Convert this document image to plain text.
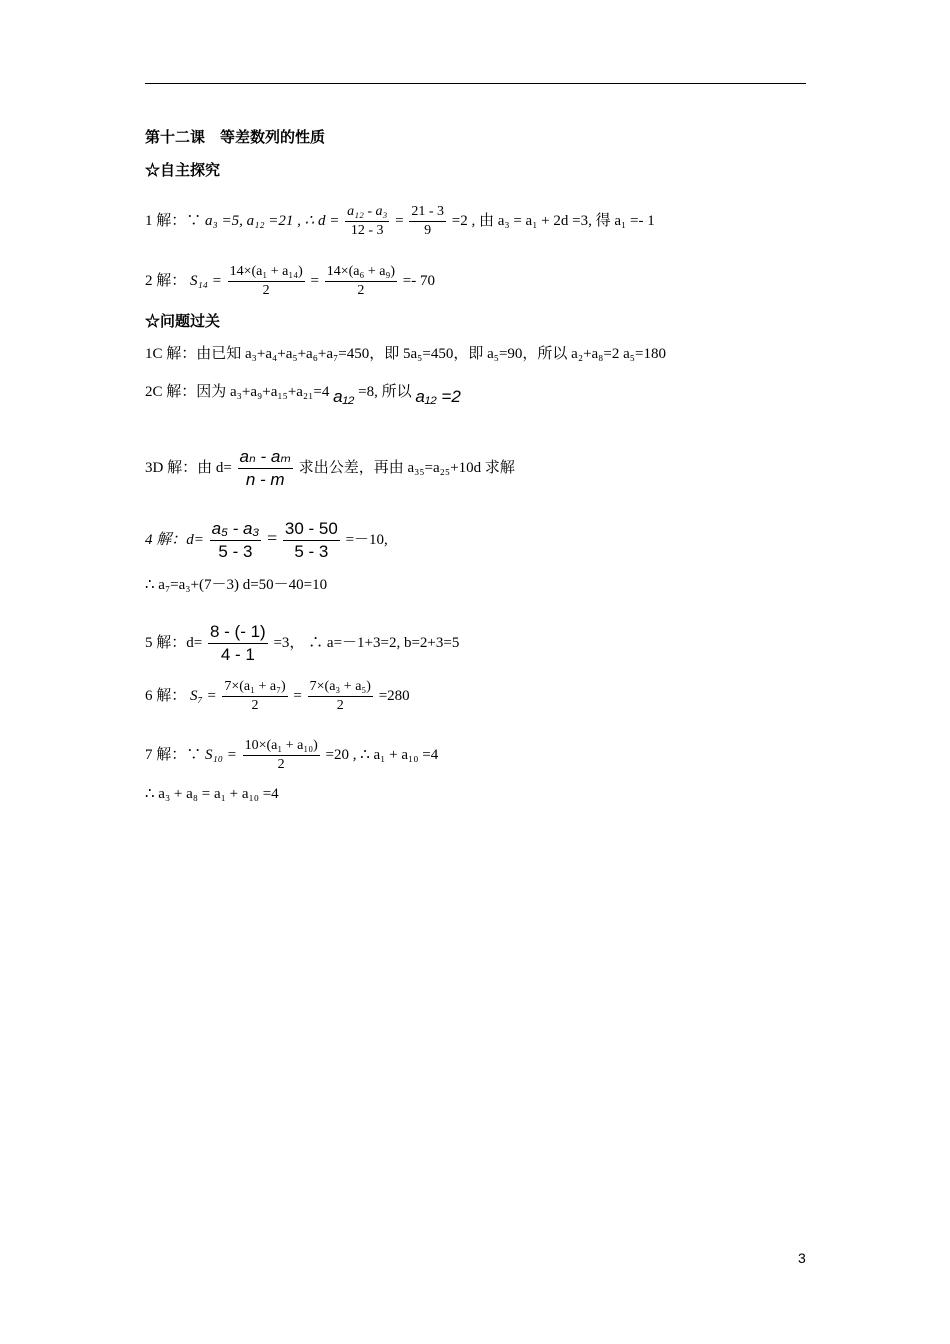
第十二课　等差数列的性质
☆自主探究
1 解：∵ a₃ =5, a₁₂ =21 , ∴ $d = \frac{\text{a₁₂ - a₃}}{12 - 3} = \frac{21 - 3}{9} =2$ , 由 a₃ = a₁ + 2d =3, 得 a₁ =- 1
2 解： $S_{14} = \frac{\text{14×(a₁ + a₁₄)}}{2} = \frac{\text{14×(a₆ + a₉)}}{2} =- 70$
☆问题过关
1C 解：由已知 a₃+a₄+a₅+a₆+a₇=450，即 5a₅=450，即 a₅=90，所以 a₂+a₈=2 a₅=180
2C 解：因为 a₃+a₉+a₁₅+a₂₁=4 a₁₂ =8, 所以 a₁₂ =2
3D 解：由 $d= \frac{\text{aₙ - aₘ}}{n - m}$ 求出公差，再由 a₃₅=a₂₅+10d 求解
4 解：$d= \frac{\text{a₅ - a₃}}{5 - 3} = \frac{30 - 50}{5 - 3} =-10$,
∴ a₇=a₃+(7－3) d=50－40=10
5 解：$d= \frac{8 - (- 1)}{4 - 1} =3$， ∴ a=－1+3=2, b=2+3=5
6 解： $S_7 = \frac{\text{7×(a₁ + a₇)}}{2} = \frac{\text{7×(a₃ + a₅)}}{2} =280$
7 解：∵ $S_{10} = \frac{\text{10×(a₁ + a₁₀)}}{2} =20$ , ∴ a₁ + a₁₀ =4
∴ a₃ + a₈ = a₁ + a₁₀ =4
3
